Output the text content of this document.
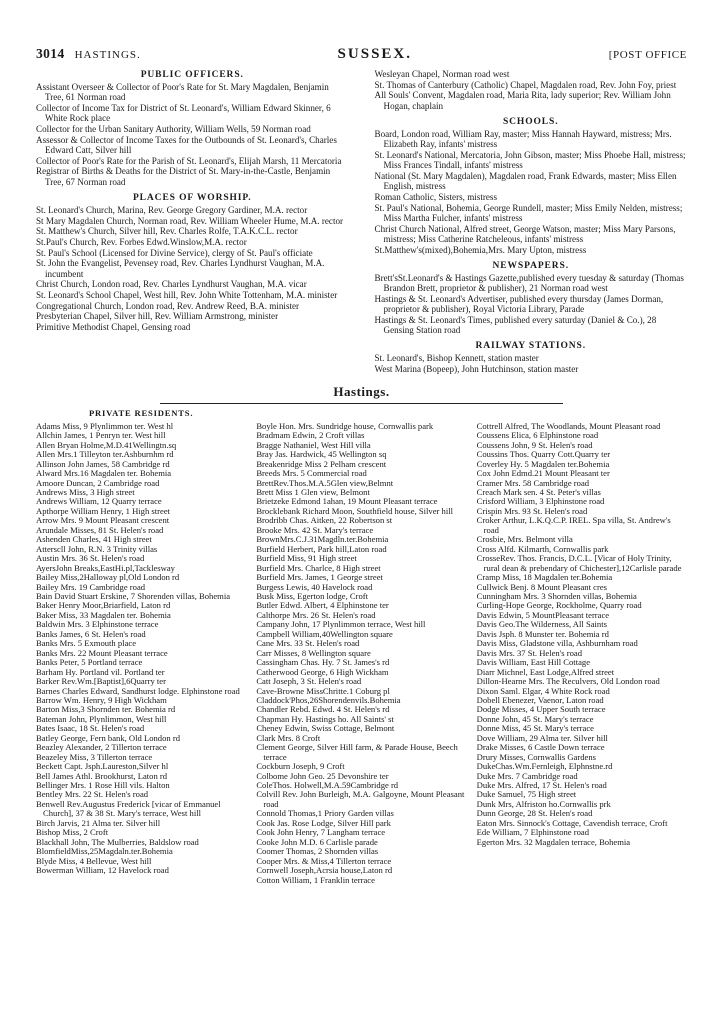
3014 HASTINGS.	SUSSEX.	[POST OFFICE
PUBLIC OFFICERS.

Assistant Overseer & Collector of Poor's Rate for St. Mary Magdalen, Benjamin Tree, 61 Norman road

Collector of Income Tax for District of St. Leonard's, William Edward Skinner, 6 White Rock place

Collector for the Urban Sanitary Authority, William Wells, 59 Norman road

Assessor & Collector of Income Taxes for the Outbounds of St. Leonard's, Charles Edward Catt, Silver hill

Collector of Poor's Rate for the Parish of St. Leonard's, Elijah Marsh, 11 Mercatoria

Registrar of Births & Deaths for the District of St. Mary-in-the-Castle, Benjamin Tree, 67 Norman road

PLACES OF WORSHIP.

St. Leonard's Church, Marina, Rev. George Gregory Gardiner, M.A. rector

St Mary Magdalen Church, Norman road, Rev. William Wheeler Hume, M.A. rector

St. Matthew's Church, Silver hill, Rev. Charles Rolfe, T.A.K.C.L. rector

St.Paul's Church, Rev. Forbes Edwd.Winslow,M.A. rector

St. Paul's School (Licensed for Divine Service), clergy of St. Paul's officiate

St. John the Evangelist, Pevensey road, Rev. Charles Lyndhurst Vaughan, M.A. incumbent

Christ Church, London road, Rev. Charles Lyndhurst Vaughan, M.A. vicar

St. Leonard's School Chapel, West hill, Rev. John White Tottenham, M.A. minister

Congregational Church, London road, Rev. Andrew Reed, B.A. minister

Presbyterian Chapel, Silver hill, Rev. William Armstrong, minister

Primitive Methodist Chapel, Gensing road

Wesleyan Chapel, Norman road west

St. Thomas of Canterbury (Catholic) Chapel, Magdalen road, Rev. John Foy, priest

All Souls' Convent, Magdalen road, Maria Rita, lady superior; Rev. William John Hogan, chaplain

SCHOOLS.

Board, London road, William Ray, master; Miss Hannah Hayward, mistress; Mrs. Elizabeth Ray, infants' mistress

St. Leonard's National, Mercatoria, John Gibson, master; Miss Phoebe Hall, mistress; Miss Frances Tindall, infants' mistress

National (St. Mary Magdalen), Magdalen road, Frank Edwards, master; Miss Ellen English, mistress

Roman Catholic, Sisters, mistress

St. Paul's National, Bohemia, George Rundell, master; Miss Emily Nelden, mistress; Miss Martha Fulcher, infants' mistress

Christ Church National, Alfred street, George Watson, master; Miss Mary Parsons, mistress; Miss Catherine Ratcheleous, infants' mistress

St.Matthew's(mixed),Bohemia,Mrs. Mary Upton, mistress

NEWSPAPERS.

Brett'sSt.Leonard's & Hastings Gazette,published every tuesday & saturday (Thomas Brandon Brett, proprietor & publisher), 21 Norman road west

Hastings & St. Leonard's Advertiser, published every thursday (James Dorman, proprietor & publisher), Royal Victoria Library, Parade

Hastings & St. Leonard's Times, published every saturday (Daniel & Co.), 28 Gensing Station road

RAILWAY STATIONS.

St. Leonard's, Bishop Kennett, station master

West Marina (Bopeep), John Hutchinson, station master

Hastings.
PRIVATE RESIDENTS.

Adams Miss, 9 Plynlimmon ter. West hl

Allchin James, 1 Penryn ter. West hill

Allen Bryan Holme,M.D.41Wellingtn.sq

Allen Mrs.1 Tilleyton ter.Ashburnhm rd

Allinson John James, 58 Cambridge rd

Alward Mrs.16 Magdalen ter. Bohemia

Amoore Duncan, 2 Cambridge road

Andrews Miss, 3 High street

Andrews William, 12 Quarry terrace

Apthorpe William Henry, 1 High street

Arrow Mrs. 9 Mount Pleasant crescent

Arundale Misses, 81 St. Helen's road

Ashenden Charles, 41 High street

Atterscll John, R.N. 3 Trinity villas

Austin Mrs. 36 St. Helen's road

AyersJohn Breaks,EastHi.pl,Tacklesway

Bailey Miss,2Halloway pl,Old London rd

Bailey Mrs. 19 Cambridge road

Bain David Stuart Erskine, 7 Shorenden villas, Bohemia

Baker Henry Moor,Briarfield, Laton rd

Baker Miss, 33 Magdalen ter. Bohemia

Baldwin Mrs. 3 Elphinstone terrace

Banks James, 6 St. Helen's road

Banks Mrs. 5 Exmouth place

Banks Mrs. 22 Mount Pleasant terrace

Banks Peter, 5 Portland terrace

Barham Hy. Portland vil. Portland ter

Barker Rev.Wm.[Baptist],6Quarry ter

Barnes Charles Edward, Sandhurst lodge. Elphinstone road

Barrow Wm. Henry, 9 High Wickham

Barton Miss,3 Shornden ter. Bohemia rd

Bateman John, Plynlimmon, West hill

Bates Isaac, 18 St. Helen's road

Batley George, Fern bank, Old London rd

Beazley Alexander, 2 Tillerton terrace

Beazeley Miss, 3 Tillerton terrace

Beckett Capt. Jsph.Laureston,Silver hl

Bell James Athl. Brookhurst, Laton rd

Bellinger Mrs. 1 Rose Hill vils. Halton

Bentley Mrs. 22 St. Helen's road

Benwell Rev.Augustus Frederick [vicar of Emmanuel Church], 37 & 38 St. Mary's terrace, West hill

Birch Jarvis, 21 Alma ter. Silver hill

Bishop Miss, 2 Croft

Blackhall John, The Mulberries, Baldslow road

BlomfieldMiss,25Magdaln.ter.Bohemia

Blyde Miss, 4 Bellevue, West hill

Bowerman William, 12 Havelock road

Boyle Hon. Mrs. Sundridge house, Cornwallis park

Bradmam Edwin, 2 Croft villas

Bragge Nathaniel, West Hill villa

Bray Jas. Hardwick, 45 Wellington sq

Breakenridge Miss 2 Pelham crescent

Breeds Mrs. 5 Commercial road

BrettRev.Thos.M.A.5Glen view,Belmnt

Brett Miss 1 Glen view, Belmont

Brietzeke Edmond 1ahan, 19 Mount Pleasant terrace

Brocklebank Richard Moon, Southfield house, Silver hill

Brodribb Chas. Aitken, 22 Robertson st

Brooke Mrs. 42 St. Mary's terrace

BrownMrs.C.J.31Magdln.ter.Bohemia

Burfield Herbert, Park hill,Laton road

Burfield Miss, 91 High street

Burfield Mrs. Charlce, 8 High street

Burfield Mrs. James, 1 George street

Burgess Lewis, 40 Havelock road

Busk Miss, Egerton lodge, Croft

Butler Edwd. Albert, 4 Elphinstone ter

Calthorpe Mrs. 26 St. Helen's road

Campany John, 17 Plynlimmon terrace, West hill

Campbell William,40Wellington square

Cane Mrs. 33 St. Helen's road

Carr Misses, 8 Wellington square

Cassingham Chas. Hy. 7 St. James's rd

Catherwood George, 6 High Wickham

Catt Joseph, 3 St. Helen's road

Cave-Browne MissChritte.1 Coburg pl

Claddock'Phos,26Shorendenvils.Bohemia

Chandler Rebd. Edwd. 4 St. Helen's rd

Chapman Hy. Hastings ho. All Saints' st

Cheney Edwin, Swiss Cottage, Belmont

Clark Mrs. 8 Croft

Clement George, Silver Hill farm, & Parade House, Beech terrace

Cockburn Joseph, 9 Croft

Colbome John Geo. 25 Devonshire ter

ColeThos. Holwell,M.A.59Cambridge rd

Colvill Rev. John Burleigh, M.A. Galgoyne, Mount Pleasant road

Connold Thomas,1 Priory Garden villas

Cook Jas. Rose Lodge, Silver Hill park

Cook John Henry, 7 Langham terrace

Cooke John M.D. 6 Carlisle parade

Coomer Thomas, 2 Shornden villas

Cooper Mrs. & Miss,4 Tillerton terrace

Cornwell Joseph,Acrsia house,Laton rd

Cotton William, 1 Franklin terrace

Cottrell Alfred, The Woodlands, Mount Pleasant road

Coussens Elica, 6 Elphinstone road

Coussens John, 9 St. Helen's road

Coussins Thos. Quarry Cott.Quarry ter

Coverley Hy. 5 Magdalen ter.Bohemia

Cox John Edmd.21 Mount Pleasant ter

Cramer Mrs. 58 Cambridge road

Creach Mark sen. 4 St. Peter's villas

Crisford William, 3 Elphinstone road

Crispin Mrs. 93 St. Helen's road

Croker Arthur, L.K.Q.C.P. IREL. Spa villa, St. Andrew's road

Crosbie, Mrs. Belmont villa

Cross Alfd. Kilmarth, Cornwallis park

CrosseRev. Thos. Francis, D.C.L. [Vicar of Holy Trinity, rural dean & prebendary of Chichester],12Carlisle parade

Cramp Miss, 18 Magdalen ter.Bohemia

Cullwick Benj. 8 Mount Pleasant cres

Cunningham Mrs. 3 Shornden villas, Bohemia

Curling-Hope George, Rockholme, Quarry road

Davis Edwin, 5 MountPleasant terrace

Davis Geo.The Wilderness, All Saints

Davis Jsph. 8 Munster ter. Bohemia rd

Davis Miss, Gladstone villa, Ashburnham road

Davis Mrs. 37 St. Helen's road

Davis William, East Hill Cottage

Diarr Michnel, East Lodge,Alfred street

Dillon-Hearne Mrs. The Reculvers, Old London road

Dixon Saml. Elgar, 4 White Rock road

Dobell Ebenezer, Vaenor, Laton road

Dodge Misses, 4 Upper South terrace

Donne John, 45 St. Mary's terrace

Donne Miss, 45 St. Mary's terrace

Dove William, 29 Alma ter. Silver hill

Drake Misses, 6 Castle Down terrace

Drury Misses, Cornwallis Gardens

DukeChas.Wm.Fernleigh, Elphnstne.rd

Duke Mrs. 7 Cambridge road

Duke Mrs. Alfred, 17 St. Helen's road

Duke Samuel, 75 High street

Dunk Mrs, Alfriston ho.Cornwallis prk

Dunn George, 28 St. Helen's road

Eaton Mrs. Sinnock's Cottage, Cavendish terrace, Croft

Ede William, 7 Elphinstone road

Egerton Mrs. 32 Magdalen terrace, Bohemia
